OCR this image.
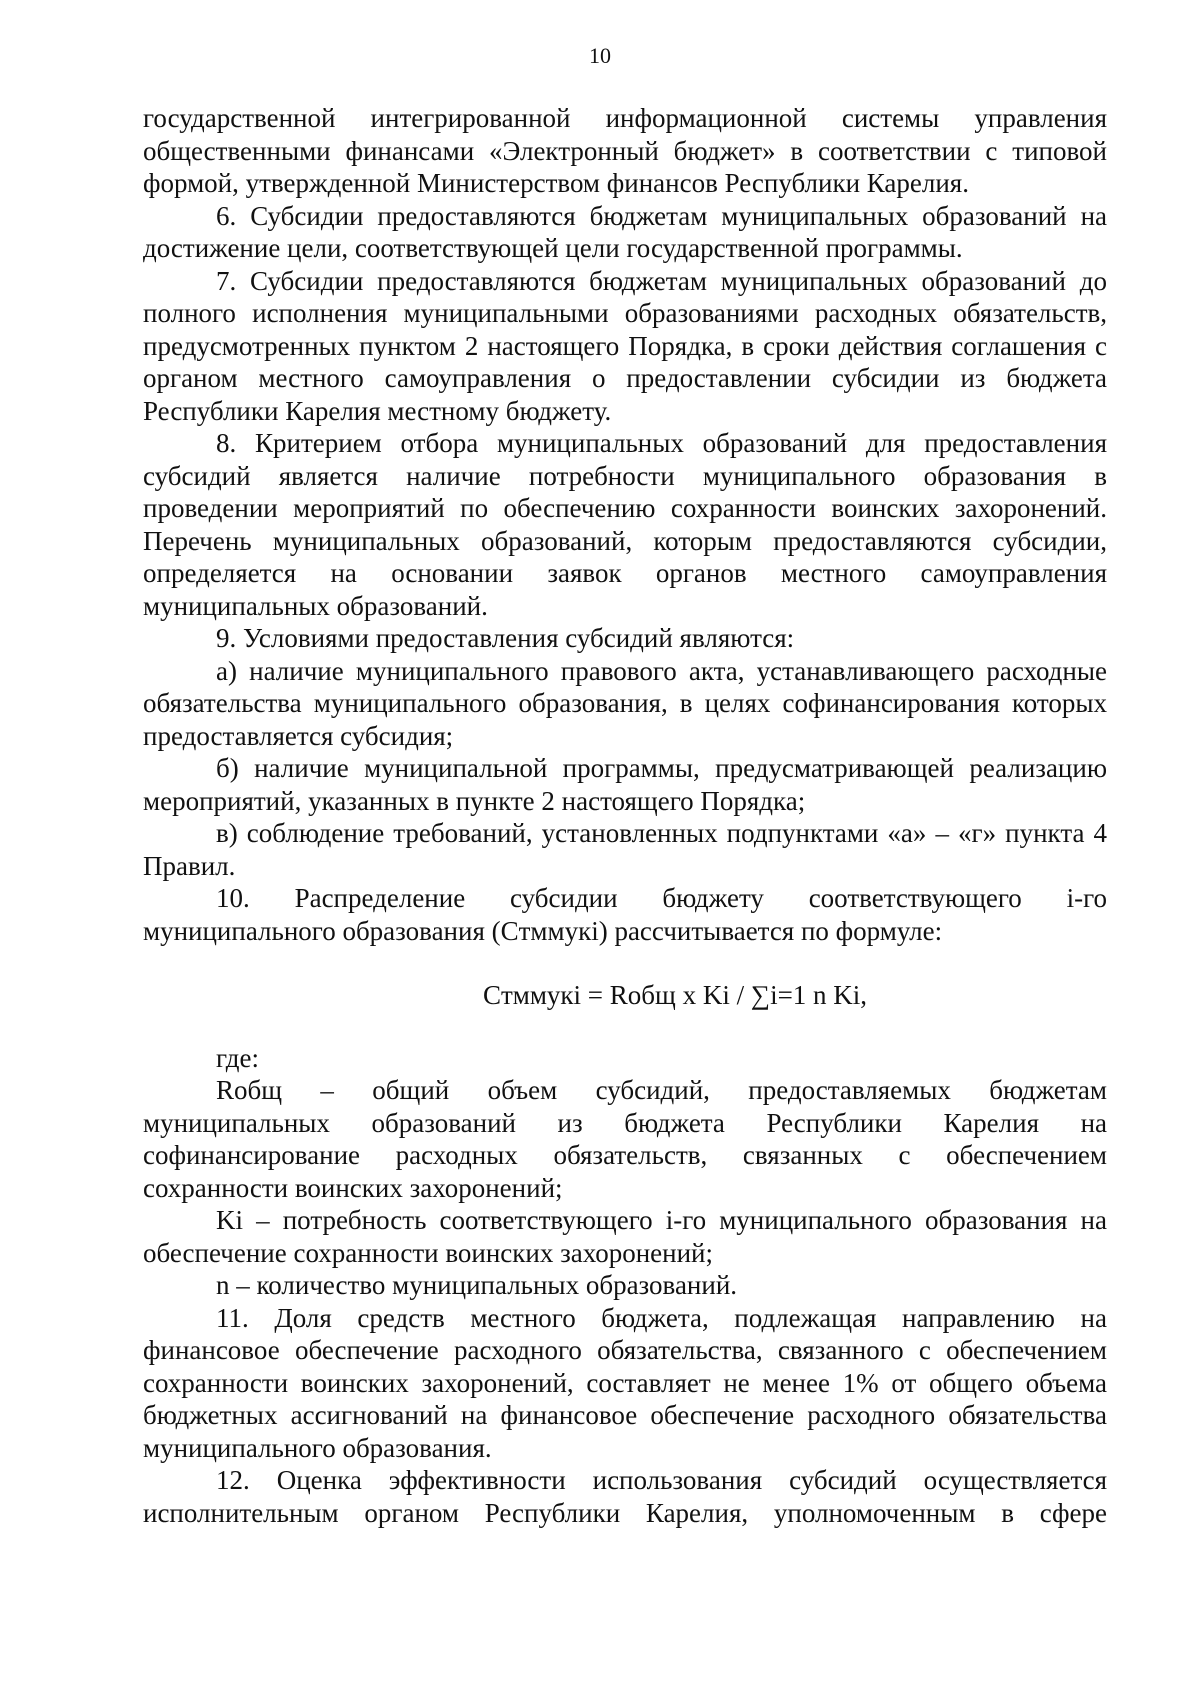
10

государственной интегрированной информационной системы управления общественными финансами «Электронный бюджет» в соответствии с типовой формой, утвержденной Министерством финансов Республики Карелия.

6. Субсидии предоставляются бюджетам муниципальных образований на достижение цели, соответствующей цели государственной программы.

7. Субсидии предоставляются бюджетам муниципальных образований до полного исполнения муниципальными образованиями расходных обязательств, предусмотренных пунктом 2 настоящего Порядка, в сроки действия соглашения с органом местного самоуправления о предоставлении субсидии из бюджета Республики Карелия местному бюджету.

8. Критерием отбора муниципальных образований для предоставления субсидий является наличие потребности муниципального образования в проведении мероприятий по обеспечению сохранности воинских захоронений. Перечень муниципальных образований, которым предоставляются субсидии, определяется на основании заявок органов местного самоуправления муниципальных образований.

9. Условиями предоставления субсидий являются:

а) наличие муниципального правового акта, устанавливающего расходные обязательства муниципального образования, в целях софинансирования которых предоставляется субсидия;

б) наличие муниципальной программы, предусматривающей реализацию мероприятий, указанных в пункте 2 настоящего Порядка;

в) соблюдение требований, установленных подпунктами «а» – «г» пункта 4 Правил.

10. Распределение субсидии бюджету соответствующего i-го муниципального образования (Cтммукi) рассчитывается по формуле:

Cтммукi = Rобщ х Ki / ∑i=1 n Ki,

где:

Rобщ – общий объем субсидий, предоставляемых бюджетам муниципальных образований из бюджета Республики Карелия на софинансирование расходных обязательств, связанных с обеспечением сохранности воинских захоронений;

Ki – потребность соответствующего i-го муниципального образования на обеспечение сохранности воинских захоронений;

n – количество муниципальных образований.

11. Доля средств местного бюджета, подлежащая направлению на финансовое обеспечение расходного обязательства, связанного с обеспечением сохранности воинских захоронений, составляет не менее 1% от общего объема бюджетных ассигнований на финансовое обеспечение расходного обязательства муниципального образования.

12. Оценка эффективности использования субсидий осуществляется исполнительным органом Республики Карелия, уполномоченным в сфере
